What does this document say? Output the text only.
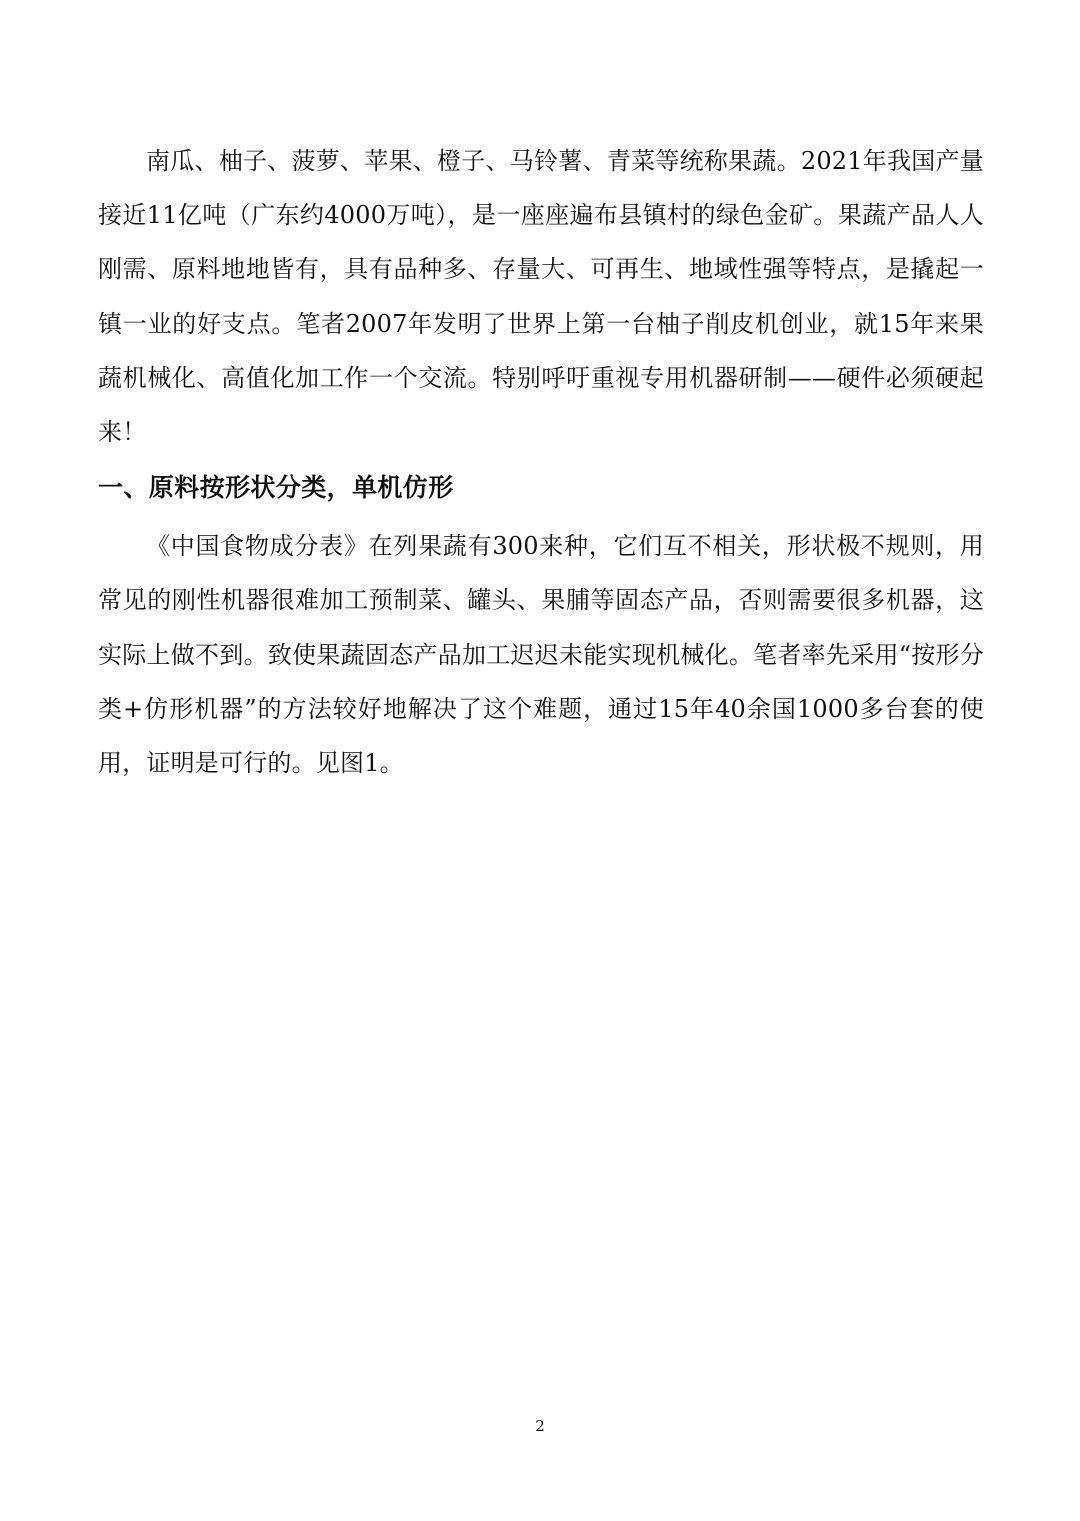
南瓜、柚子、菠萝、苹果、橙子、马铃薯、青菜等统称果蔬。2021年我国产量接近11亿吨（广东约4000万吨），是一座座遍布县镇村的绿色金矿。果蔬产品人人刚需、原料地地皆有，具有品种多、存量大、可再生、地域性强等特点，是撬起一镇一业的好支点。笔者2007年发明了世界上第一台柚子削皮机创业，就15年来果蔬机械化、高值化加工作一个交流。特别呼吁重视专用机器研制——硬件必须硬起来！

一、原料按形状分类，单机仿形

《中国食物成分表》在列果蔬有300来种，它们互不相关，形状极不规则，用常见的刚性机器很难加工预制菜、罐头、果脯等固态产品，否则需要很多机器，这实际上做不到。致使果蔬固态产品加工迟迟未能实现机械化。笔者率先采用“按形分类+仿形机器”的方法较好地解决了这个难题，通过15年40余国1000多台套的使用，证明是可行的。见图1。

2
